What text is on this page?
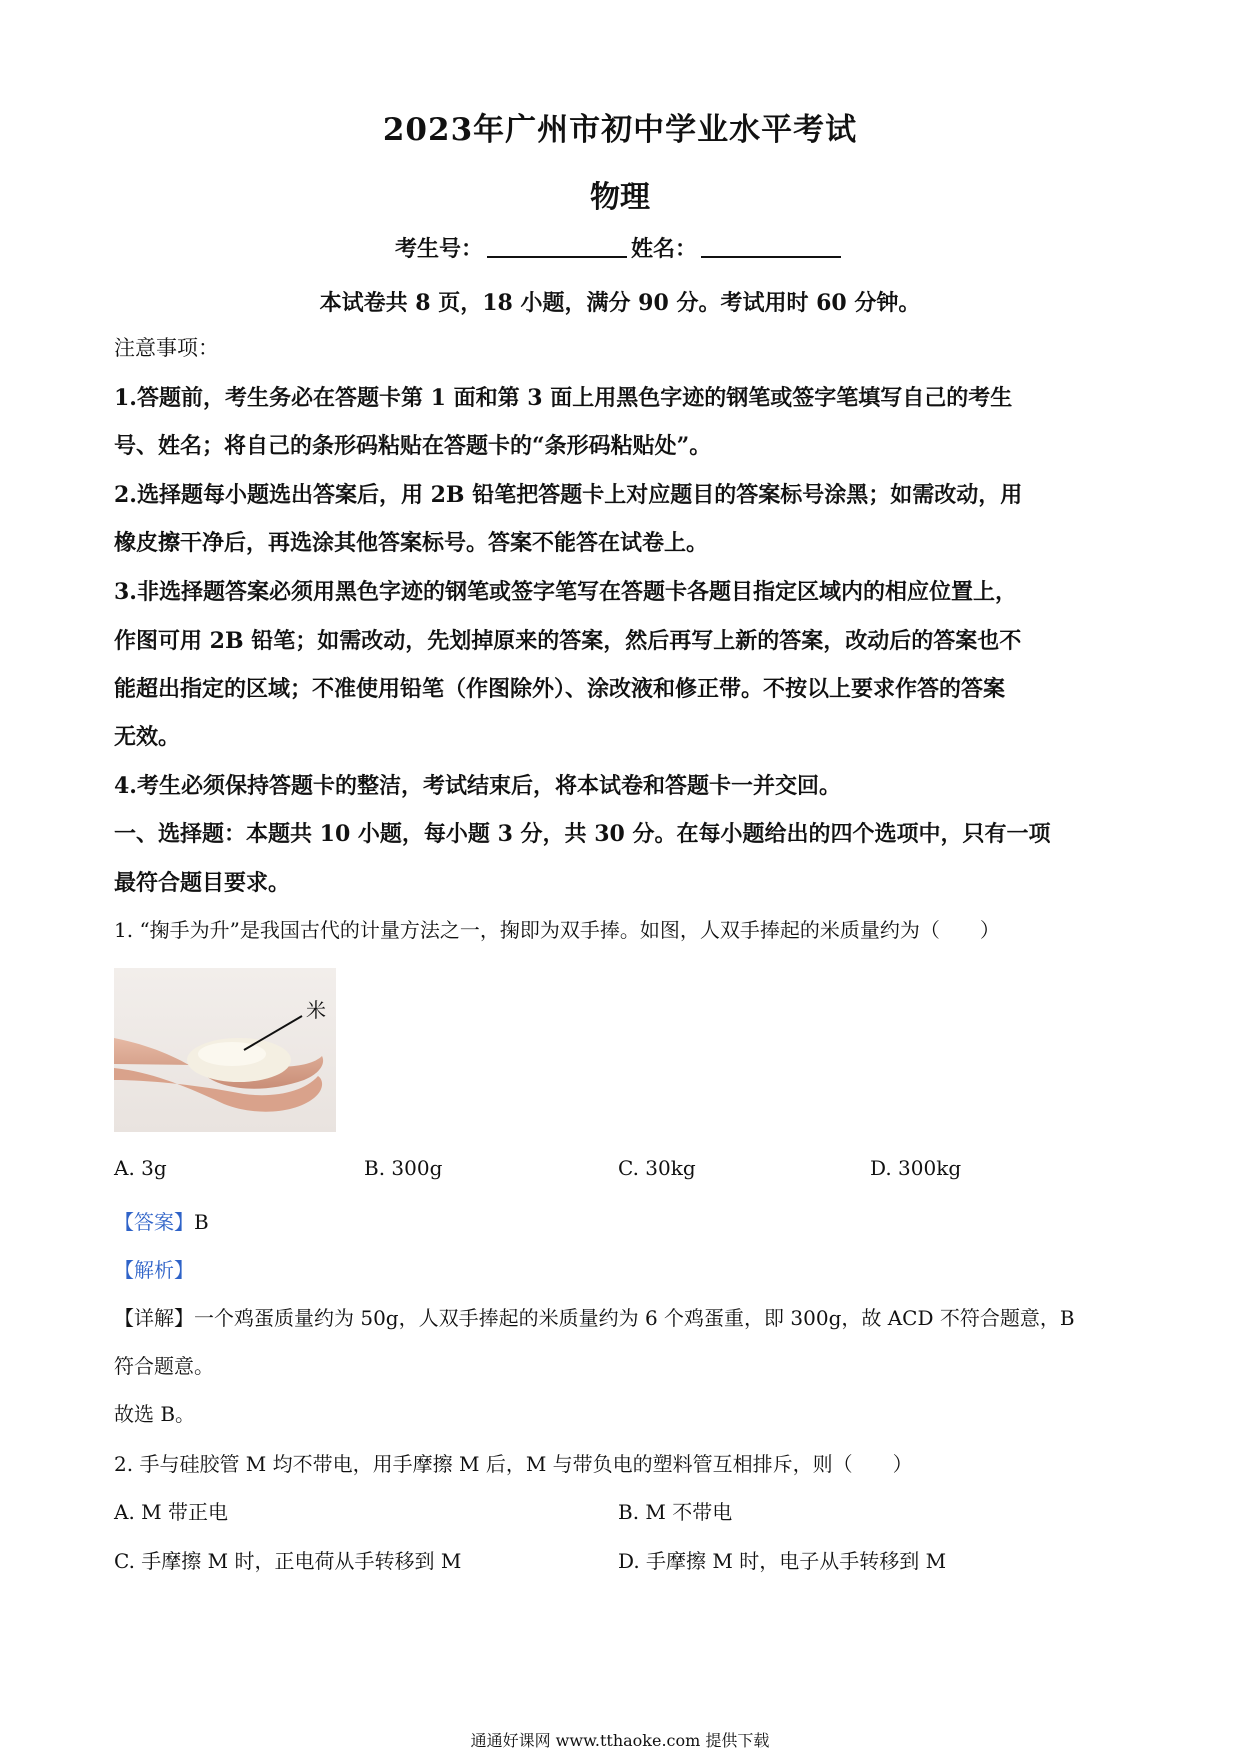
2023年广州市初中学业水平考试
物理
考生号：	姓名：
本试卷共 8 页，18 小题，满分 90 分。考试用时 60 分钟。
注意事项：
1.答题前，考生务必在答题卡第 1 面和第 3 面上用黑色字迹的钢笔或签字笔填写自己的考生
号、姓名；将自己的条形码粘贴在答题卡的“条形码粘贴处”。
2.选择题每小题选出答案后，用 2B 铅笔把答题卡上对应题目的答案标号涂黑；如需改动，用
橡皮擦干净后，再选涂其他答案标号。答案不能答在试卷上。
3.非选择题答案必须用黑色字迹的钢笔或签字笔写在答题卡各题目指定区域内的相应位置上，
作图可用 2B 铅笔；如需改动，先划掉原来的答案，然后再写上新的答案，改动后的答案也不
能超出指定的区域；不准使用铅笔（作图除外）、涂改液和修正带。不按以上要求作答的答案
无效。
4.考生必须保持答题卡的整洁，考试结束后，将本试卷和答题卡一并交回。
一、选择题：本题共 10 小题，每小题 3 分，共 30 分。在每小题给出的四个选项中，只有一项
最符合题目要求。
1. “掬手为升”是我国古代的计量方法之一，掬即为双手捧。如图，人双手捧起的米质量约为（　　）
米
A. 3g	B. 300g	C. 30kg	D. 300kg
【答案】B
【解析】
【详解】一个鸡蛋质量约为 50g，人双手捧起的米质量约为 6 个鸡蛋重，即 300g，故 ACD 不符合题意，B
符合题意。
故选 B。
2. 手与硅胶管 M 均不带电，用手摩擦 M 后，M 与带负电的塑料管互相排斥，则（　　）
A. M 带正电	B. M 不带电
C. 手摩擦 M 时，正电荷从手转移到 M	D. 手摩擦 M 时，电子从手转移到 M
通通好课网 www.tthaoke.com 提供下载
